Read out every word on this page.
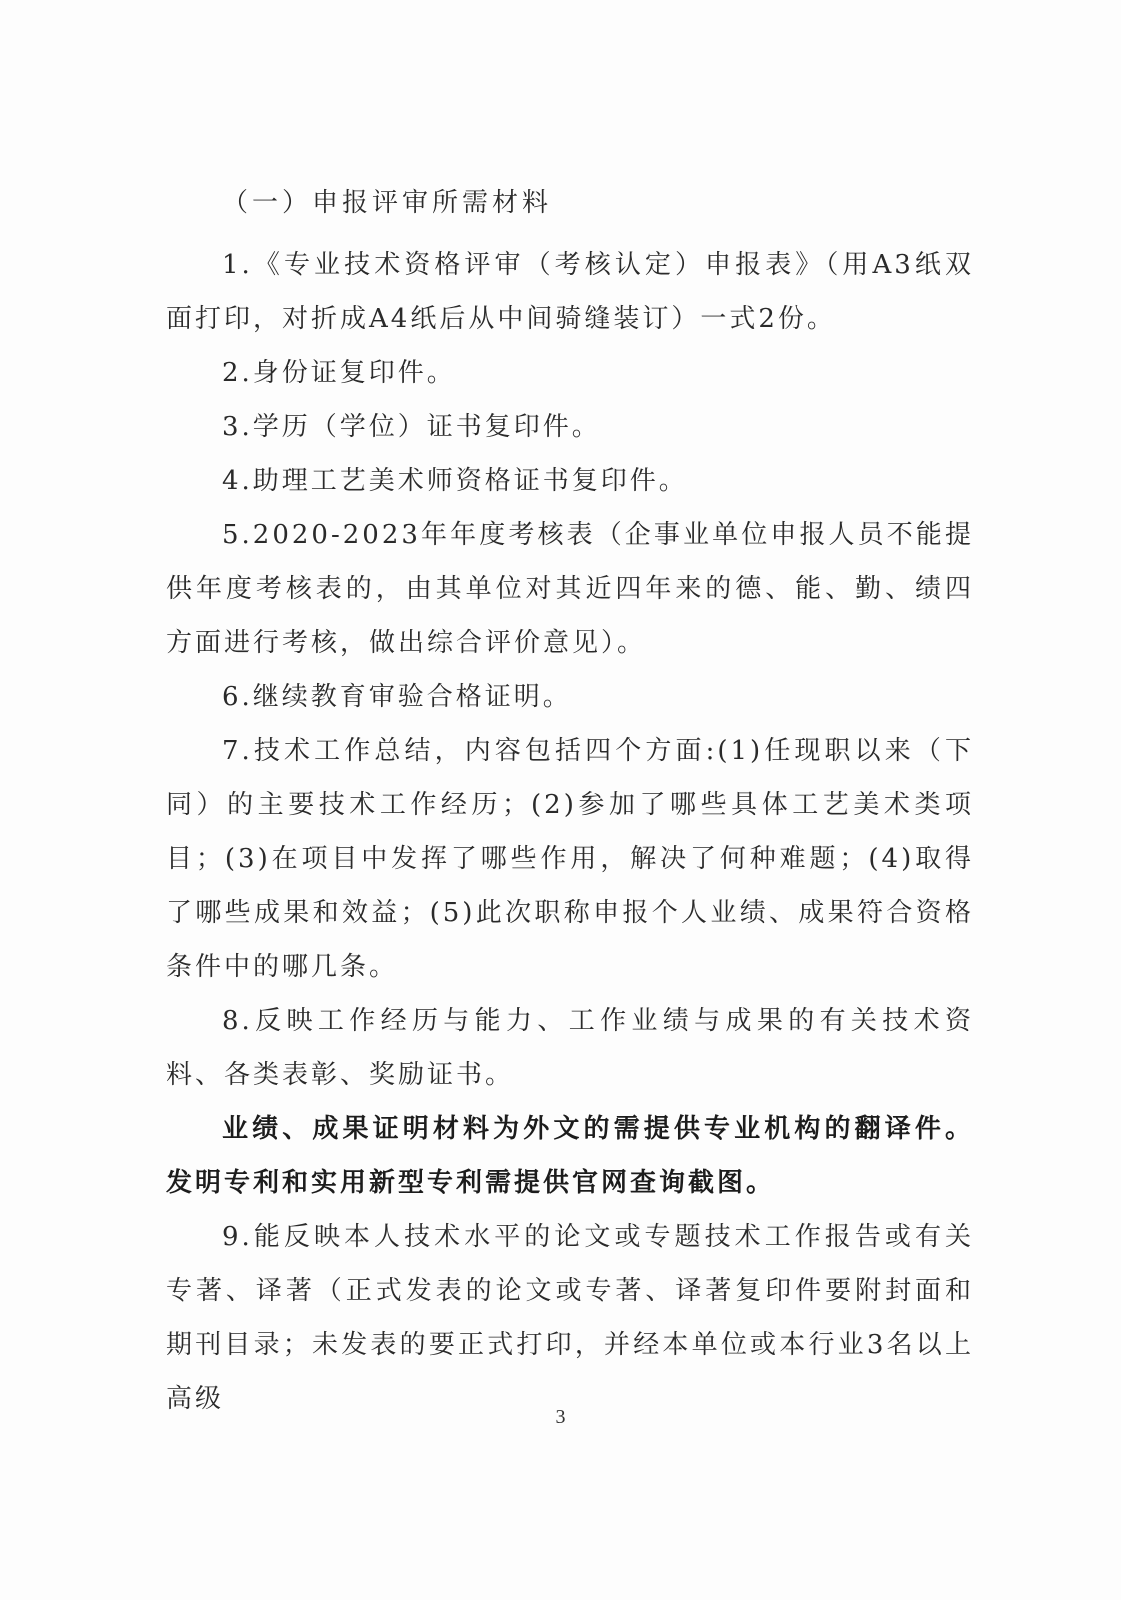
（一）申报评审所需材料

1.《专业技术资格评审（考核认定）申报表》（用A3纸双面打印，对折成A4纸后从中间骑缝装订）一式2份。

2.身份证复印件。

3.学历（学位）证书复印件。

4.助理工艺美术师资格证书复印件。

5.2020-2023年年度考核表（企事业单位申报人员不能提供年度考核表的，由其单位对其近四年来的德、能、勤、绩四方面进行考核，做出综合评价意见）。

6.继续教育审验合格证明。

7.技术工作总结，内容包括四个方面:(1)任现职以来（下同）的主要技术工作经历；(2)参加了哪些具体工艺美术类项目；(3)在项目中发挥了哪些作用，解决了何种难题；(4)取得了哪些成果和效益；(5)此次职称申报个人业绩、成果符合资格条件中的哪几条。

8.反映工作经历与能力、工作业绩与成果的有关技术资料、各类表彰、奖励证书。

业绩、成果证明材料为外文的需提供专业机构的翻译件。发明专利和实用新型专利需提供官网查询截图。

9.能反映本人技术水平的论文或专题技术工作报告或有关专著、译著（正式发表的论文或专著、译著复印件要附封面和期刊目录；未发表的要正式打印，并经本单位或本行业3名以上高级

3
